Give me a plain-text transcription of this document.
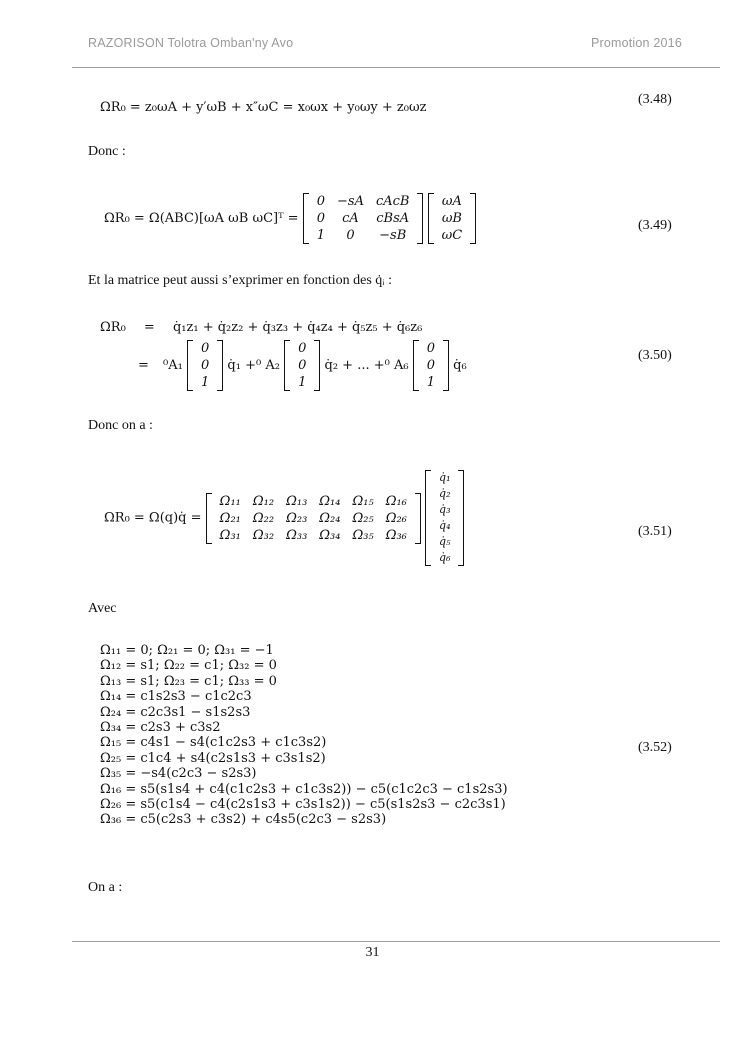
RAZORISON Tolotra Omban'ny Avo	Promotion 2016
ΩR₀ = z₀ωA + y′ωB + x″ωC = x₀ωx + y₀ωy + z₀ωz
(3.48)
Donc :
ΩR₀ = Ω(ABC)[ωA ωB ωC]ᵀ =
0	−sA	cAcB
0	cA	cBsA
1	0	−sB

ωA
ωB
ωC
(3.49)
Et la matrice peut aussi s’exprimer en fonction des q̇ᵢ :
ΩR₀ = q̇₁z₁ + q̇₂z₂ + q̇₃z₃ + q̇₄z₄ + q̇₅z₅ + q̇₆z₆
= ⁰A₁
0
0
1
q̇₁ +⁰ A₂
0
0
1
q̇₂ + ... +⁰ A₆
0
0
1
q̇₆
(3.50)
Donc on a :
ΩR₀ = Ω(q)q̇ =
Ω₁₁	Ω₁₂	Ω₁₃	Ω₁₄	Ω₁₅	Ω₁₆
Ω₂₁	Ω₂₂	Ω₂₃	Ω₂₄	Ω₂₅	Ω₂₆
Ω₃₁	Ω₃₂	Ω₃₃	Ω₃₄	Ω₃₅	Ω₃₆

q̇₁
q̇₂
q̇₃
q̇₄
q̇₅
q̇₆
(3.51)
Avec
Ω₁₁ = 0; Ω₂₁ = 0; Ω₃₁ = −1
Ω₁₂ = s1; Ω₂₂ = c1; Ω₃₂ = 0
Ω₁₃ = s1; Ω₂₃ = c1; Ω₃₃ = 0
Ω₁₄ = c1s2s3 − c1c2c3
Ω₂₄ = c2c3s1 − s1s2s3
Ω₃₄ = c2s3 + c3s2
Ω₁₅ = c4s1 − s4(c1c2s3 + c1c3s2)
Ω₂₅ = c1c4 + s4(c2s1s3 + c3s1s2)
Ω₃₅ = −s4(c2c3 − s2s3)
Ω₁₆ = s5(s1s4 + c4(c1c2s3 + c1c3s2)) − c5(c1c2c3 − c1s2s3)
Ω₂₆ = s5(c1s4 − c4(c2s1s3 + c3s1s2)) − c5(s1s2s3 − c2c3s1)
Ω₃₆ = c5(c2s3 + c3s2) + c4s5(c2c3 − s2s3)
(3.52)
On a :
31
